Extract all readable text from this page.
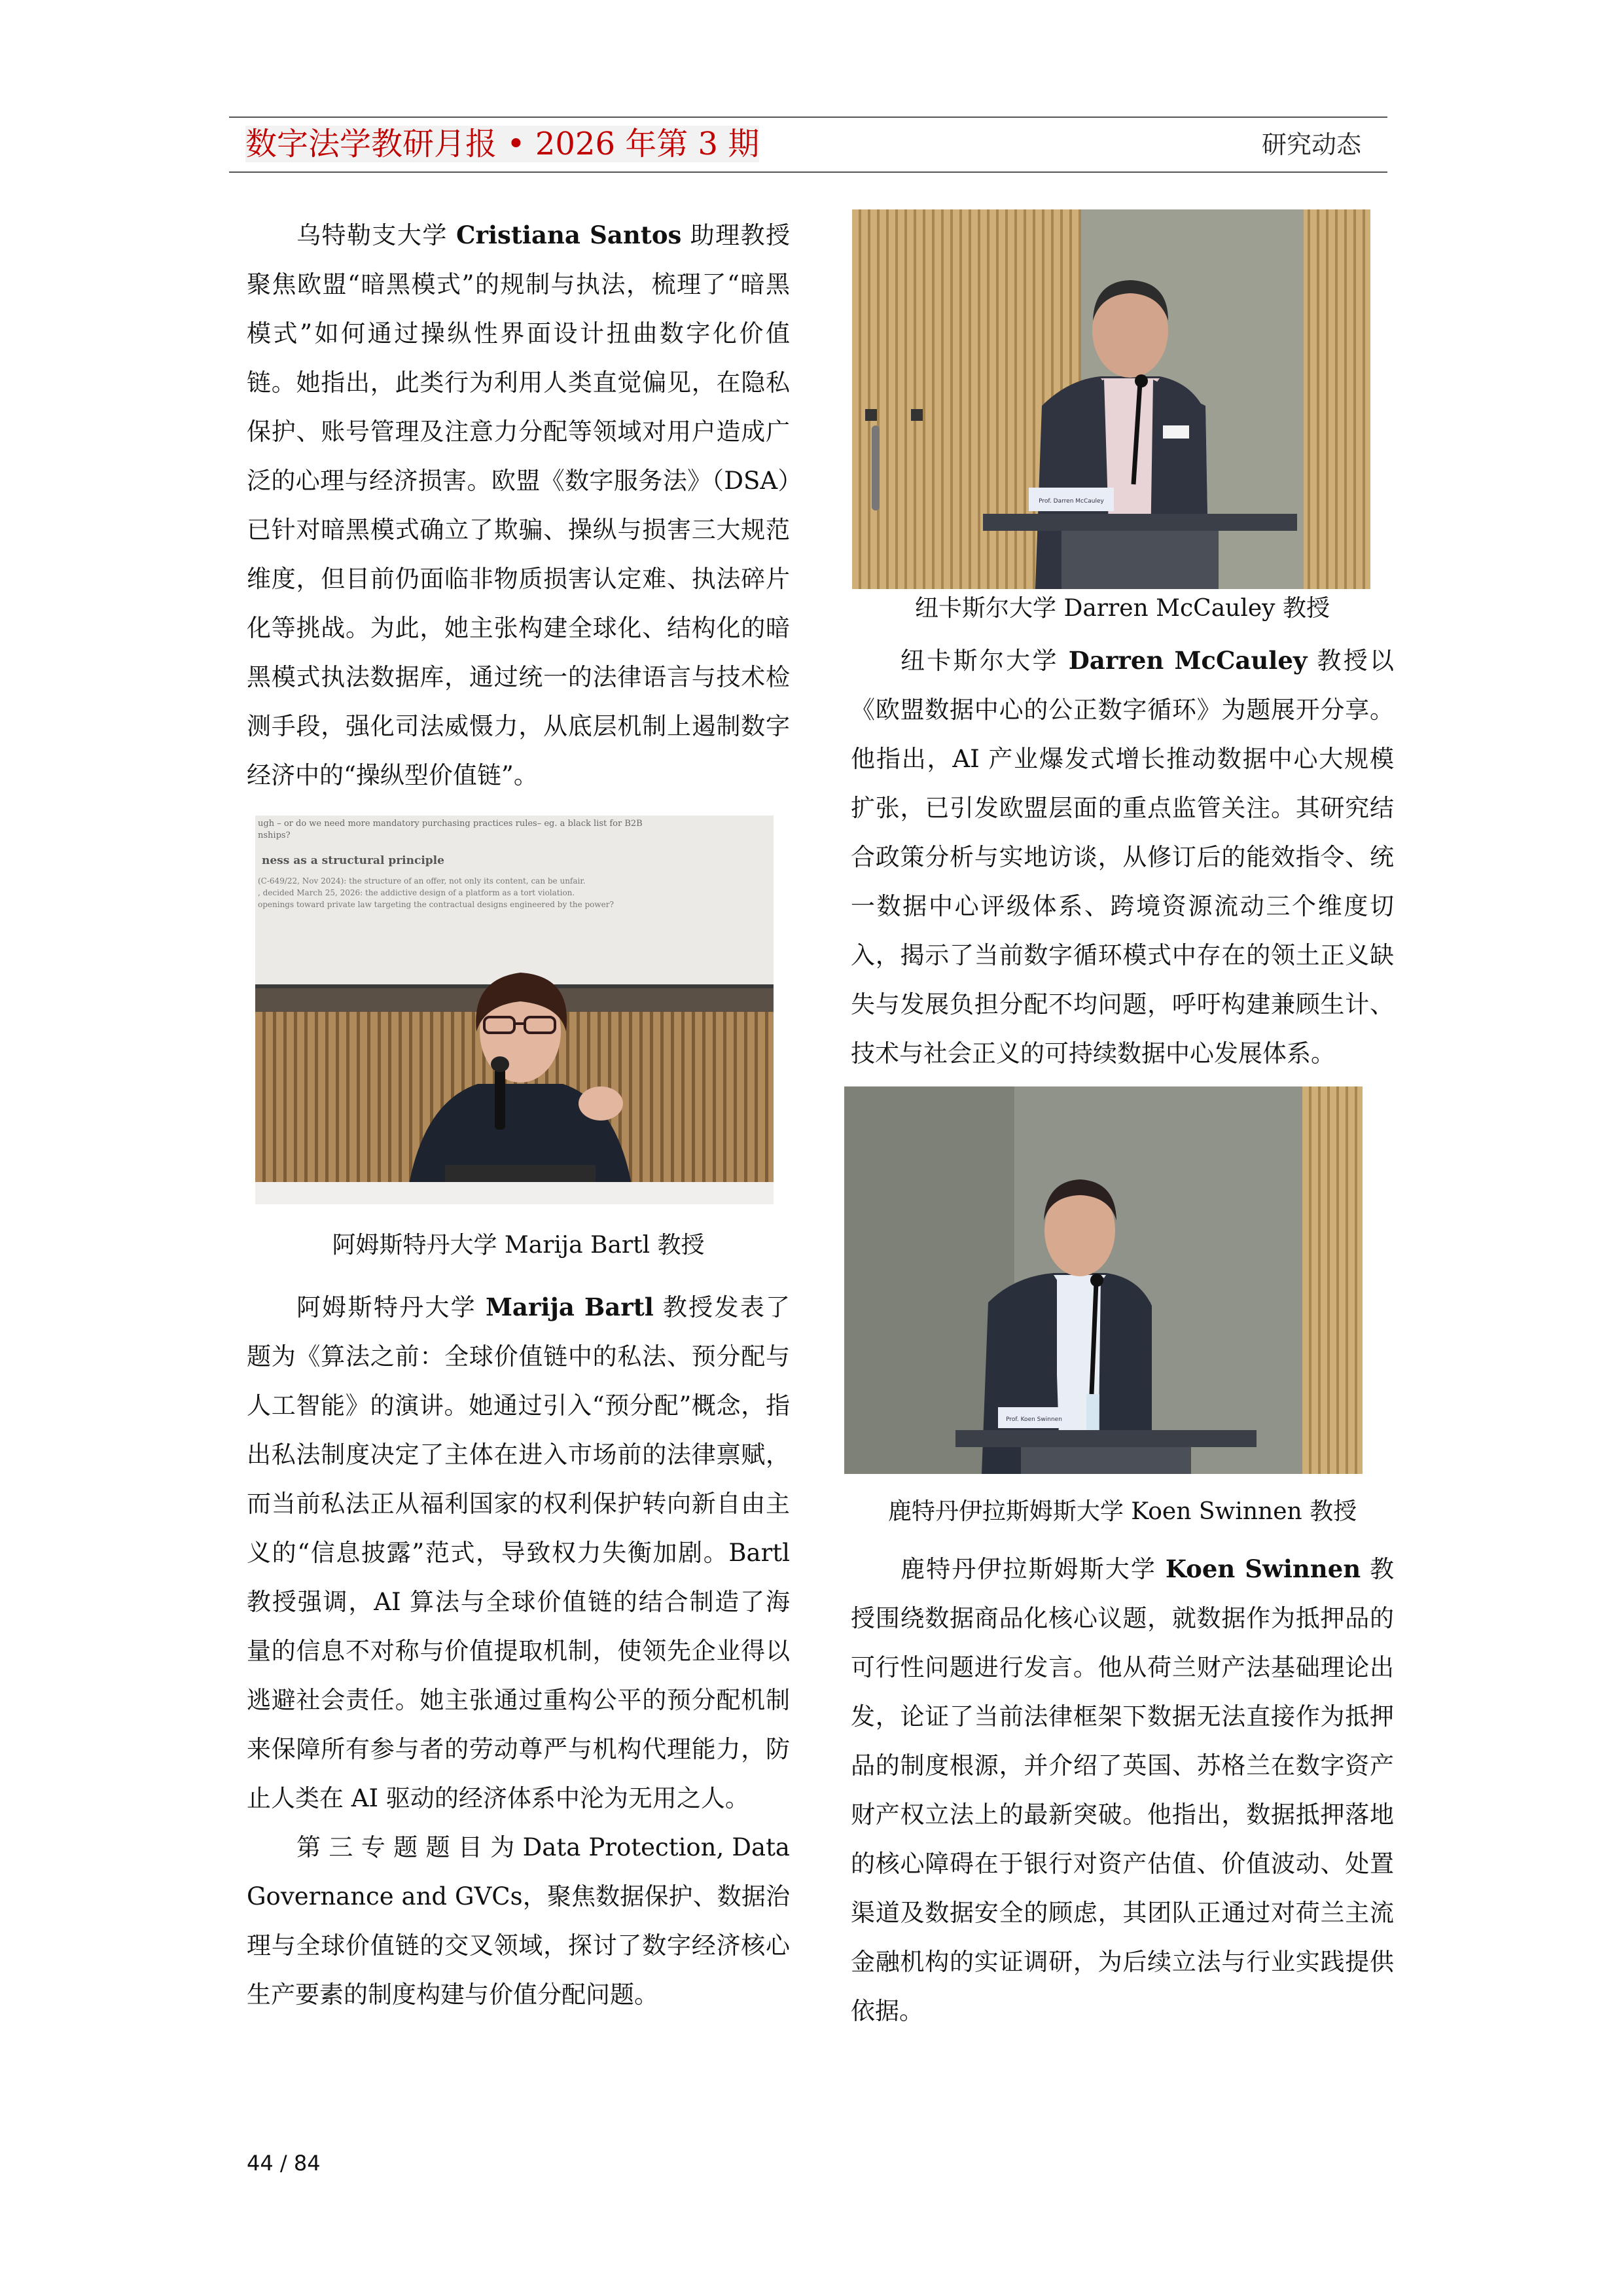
数字法学教研月报 • 2026 年第 3 期	研究动态

乌特勒支大学 Cristiana Santos 助理教授聚焦欧盟“暗黑模式”的规制与执法，梳理了“暗黑模式”如何通过操纵性界面设计扭曲数字化价值链。她指出，此类行为利用人类直觉偏见，在隐私保护、账号管理及注意力分配等领域对用户造成广泛的心理与经济损害。欧盟《数字服务法》（DSA）已针对暗黑模式确立了欺骗、操纵与损害三大规范维度，但目前仍面临非物质损害认定难、执法碎片化等挑战。为此，她主张构建全球化、结构化的暗黑模式执法数据库，通过统一的法律语言与技术检测手段，强化司法威慑力，从底层机制上遏制数字经济中的“操纵型价值链”。

ugh – or do we need more mandatory purchasing practices rules– eg. a black list for B2B
nships?
ness as a structural principle
(C‑649/22, Nov 2024): the structure of an offer, not only its content, can be unfair.
, decided March 25, 2026: the addictive design of a platform as a tort violation.
openings toward private law targeting the contractual designs engineered by the power?
阿姆斯特丹大学 Marija Bartl 教授

阿姆斯特丹大学 Marija Bartl 教授发表了题为《算法之前：全球价值链中的私法、预分配与人工智能》的演讲。她通过引入“预分配”概念，指出私法制度决定了主体在进入市场前的法律禀赋，而当前私法正从福利国家的权利保护转向新自由主义的“信息披露”范式，导致权力失衡加剧。Bartl 教授强调，AI 算法与全球价值链的结合制造了海量的信息不对称与价值提取机制，使领先企业得以逃避社会责任。她主张通过重构公平的预分配机制来保障所有参与者的劳动尊严与机构代理能力，防止人类在 AI 驱动的经济体系中沦为无用之人。

第 三 专 题 题 目 为 Data Protection, Data Governance and GVCs，聚焦数据保护、数据治理与全球价值链的交叉领域，探讨了数字经济核心生产要素的制度构建与价值分配问题。

Prof. Darren McCauley
纽卡斯尔大学 Darren McCauley 教授

纽卡斯尔大学 Darren McCauley 教授以《欧盟数据中心的公正数字循环》为题展开分享。他指出，AI 产业爆发式增长推动数据中心大规模扩张，已引发欧盟层面的重点监管关注。其研究结合政策分析与实地访谈，从修订后的能效指令、统一数据中心评级体系、跨境资源流动三个维度切入，揭示了当前数字循环模式中存在的领土正义缺失与发展负担分配不均问题，呼吁构建兼顾生计、技术与社会正义的可持续数据中心发展体系。

Prof. Koen Swinnen
鹿特丹伊拉斯姆斯大学 Koen Swinnen 教授

鹿特丹伊拉斯姆斯大学 Koen Swinnen 教授围绕数据商品化核心议题，就数据作为抵押品的可行性问题进行发言。他从荷兰财产法基础理论出发，论证了当前法律框架下数据无法直接作为抵押品的制度根源，并介绍了英国、苏格兰在数字资产财产权立法上的最新突破。他指出，数据抵押落地的核心障碍在于银行对资产估值、价值波动、处置渠道及数据安全的顾虑，其团队正通过对荷兰主流金融机构的实证调研，为后续立法与行业实践提供依据。

44 / 84
